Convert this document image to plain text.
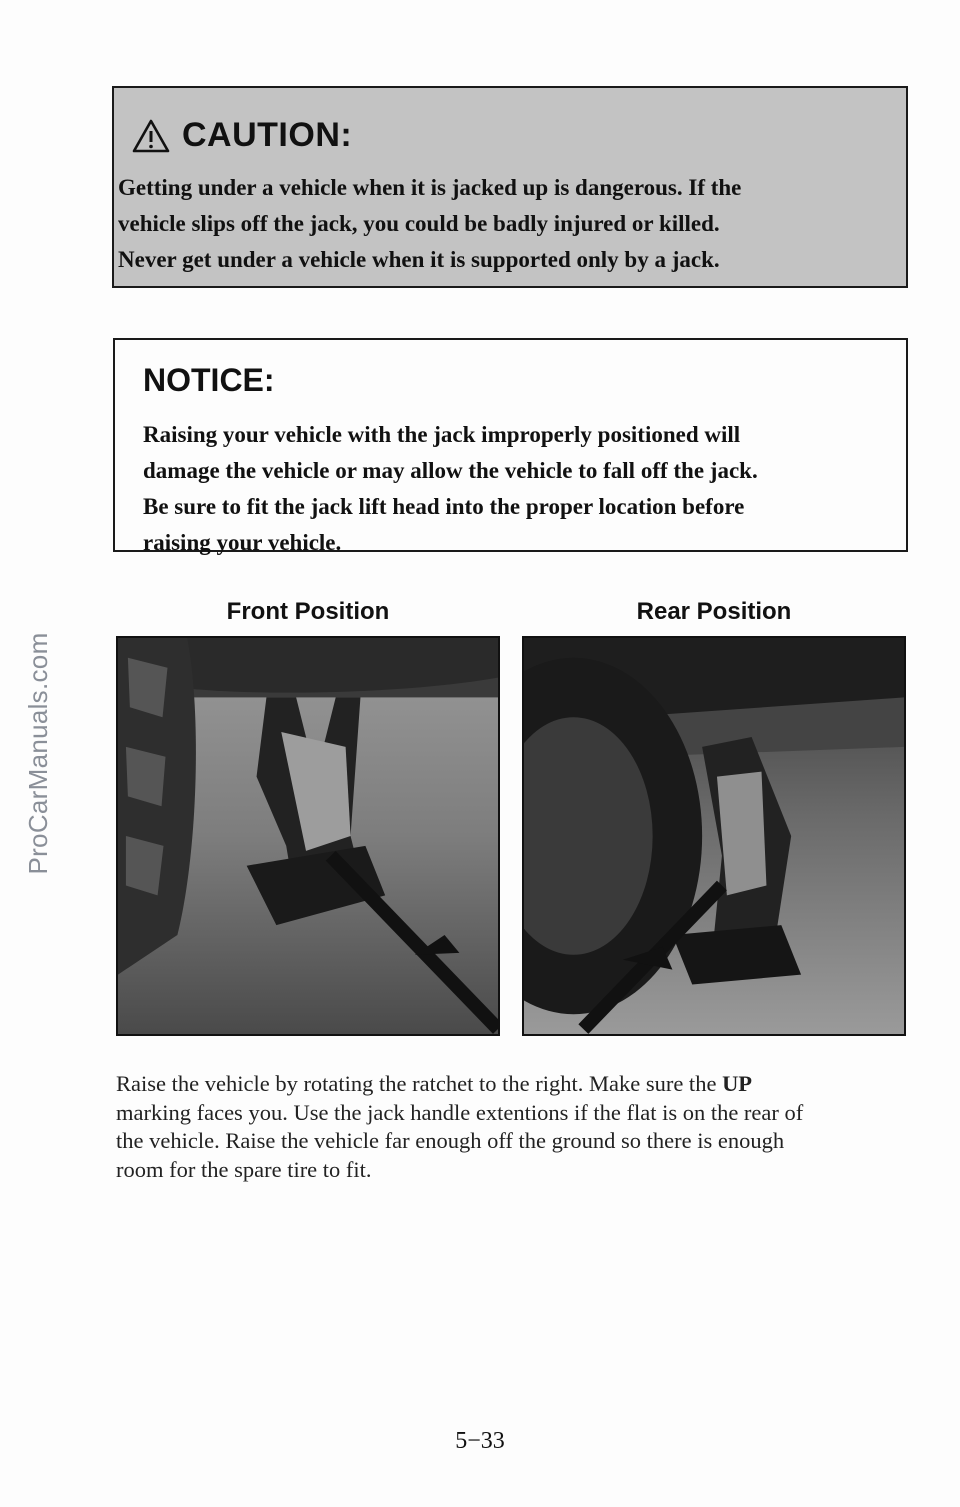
ProCarManuals.com
CAUTION:
Getting under a vehicle when it is jacked up is dangerous. If the
vehicle slips off the jack, you could be badly injured or killed.
Never get under a vehicle when it is supported only by a jack.
NOTICE:
Raising your vehicle with the jack improperly positioned will
damage the vehicle or may allow the vehicle to fall off the jack.
Be sure to fit the jack lift head into the proper location before
raising your vehicle.
Front Position	Rear Position
Raise the vehicle by rotating the ratchet to the right. Make sure the UP
marking faces you. Use the jack handle extentions if the flat is on the rear of
the vehicle. Raise the vehicle far enough off the ground so there is enough
room for the spare tire to fit.
5−33
